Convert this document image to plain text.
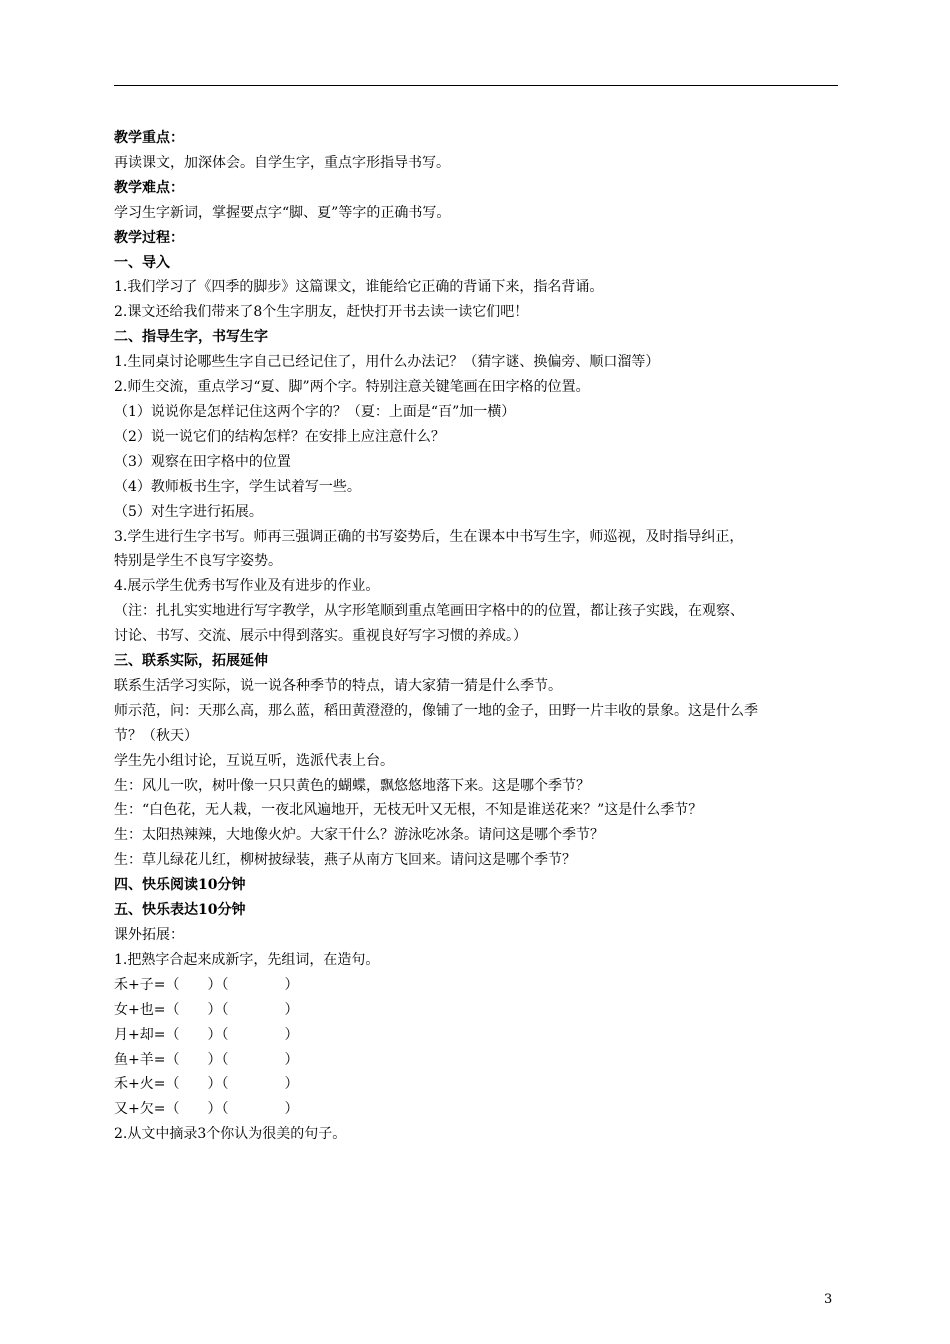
教学重点：
再读课文，加深体会。自学生字，重点字形指导书写。
教学难点：
学习生字新词，掌握要点字“脚、夏”等字的正确书写。
教学过程：
一、导入
1.我们学习了《四季的脚步》这篇课文，谁能给它正确的背诵下来，指名背诵。
2.课文还给我们带来了8个生字朋友，赶快打开书去读一读它们吧！
二、指导生字，书写生字
1.生同桌讨论哪些生字自己已经记住了，用什么办法记？（猜字谜、换偏旁、顺口溜等）
2.师生交流，重点学习“夏、脚”两个字。特别注意关键笔画在田字格的位置。
（1）说说你是怎样记住这两个字的？（夏：上面是“百”加一横）
（2）说一说它们的结构怎样？在安排上应注意什么？
（3）观察在田字格中的位置
（4）教师板书生字，学生试着写一些。
（5）对生字进行拓展。
3.学生进行生字书写。师再三强调正确的书写姿势后，生在课本中书写生字，师巡视，及时指导纠正，
特别是学生不良写字姿势。
4.展示学生优秀书写作业及有进步的作业。
（注：扎扎实实地进行写字教学，从字形笔顺到重点笔画田字格中的的位置，都让孩子实践，在观察、
讨论、书写、交流、展示中得到落实。重视良好写字习惯的养成。）
三、联系实际，拓展延伸
联系生活学习实际，说一说各种季节的特点，请大家猜一猜是什么季节。
师示范，问：天那么高，那么蓝，稻田黄澄澄的，像铺了一地的金子，田野一片丰收的景象。这是什么季
节？（秋天）
学生先小组讨论，互说互听，选派代表上台。
生：风儿一吹，树叶像一只只黄色的蝴蝶，飘悠悠地落下来。这是哪个季节？
生：“白色花，无人栽，一夜北风遍地开，无枝无叶又无根，不知是谁送花来？”这是什么季节？
生：太阳热辣辣，大地像火炉。大家干什么？游泳吃冰条。请问这是哪个季节？
生：草儿绿花儿红，柳树披绿装，燕子从南方飞回来。请问这是哪个季节？
四、快乐阅读10分钟
五、快乐表达10分钟
课外拓展：
1.把熟字合起来成新字，先组词，在造句。
禾+子=（　　）（　　　　）
女+也=（　　）（　　　　）
月+却=（　　）（　　　　）
鱼+羊=（　　）（　　　　）
禾+火=（　　）（　　　　）
又+欠=（　　）（　　　　）
2.从文中摘录3个你认为很美的句子。
3
